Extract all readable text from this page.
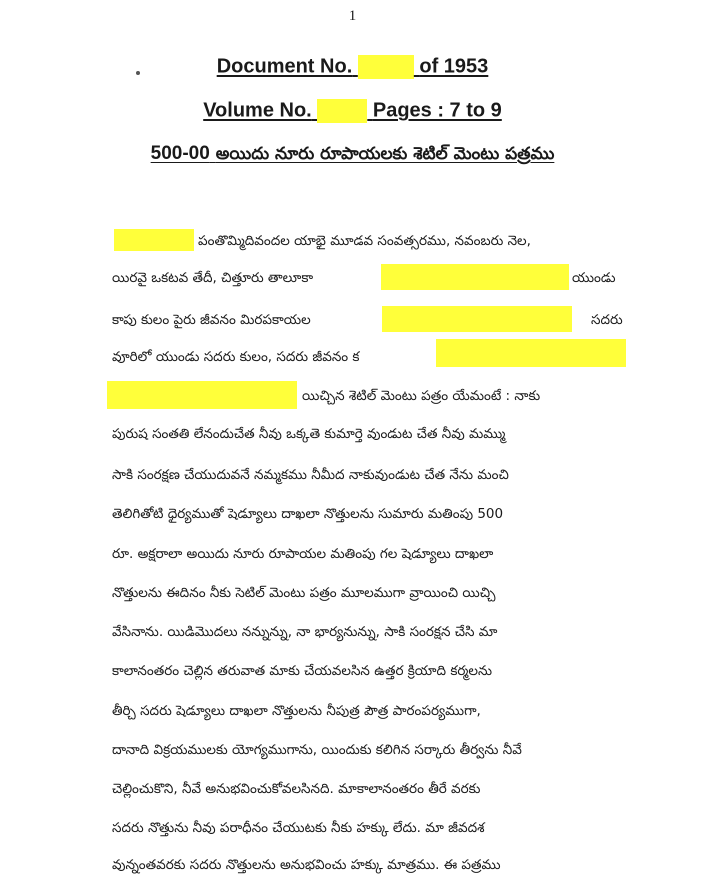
1
Document No.	of 1953
Volume No.	Pages : 7 to 9
500-00 అయిదు నూరు రూపాయలకు శెటిల్ మెంటు పత్రము
పంతొమ్మిదివందల యాభై మూడవ సంవత్సరము, నవంబరు నెల,
యిరవై ఒకటవ తేదీ, చిత్తూరు తాలూకా	యుండు
కాపు కులం పైరు జీవనం మిరపకాయల	సదరు
వూరిలో యుండు సదరు కులం, సదరు జీవనం క
యిచ్చిన శెటిల్ మెంటు పత్రం యేమంటే : నాకు
పురుష సంతతి లేనందుచేత నీవు ఒక్కతె కుమార్తె వుండుట చేత నీవు మమ్ము
సాకి సంరక్షణ చేయుదువనే నమ్మకము నీమీద నాకువుండుట చేత నేను మంచి
తెలిగితోటి ధైర్యముతో షెడ్యూలు దాఖలా నొత్తులను సుమారు మతింపు 500
రూ. అక్షరాలా అయిదు నూరు రూపాయల మతింపు గల షెడ్యూలు దాఖలా
నొత్తులను ఈదినం నీకు సెటిల్ మెంటు పత్రం మూలముగా వ్రాయించి యిచ్చి
వేసినాను. యిడిమొదలు నన్నున్ను, నా భార్యనున్ను, సాకి సంరక్షన చేసి మా
కాలానంతరం చెల్లిన తరువాత మాకు చేయవలసిన ఉత్తర క్రియాది కర్మలను
తీర్చి సదరు షెడ్యూలు దాఖలా నొత్తులను నీపుత్ర పౌత్ర పారంపర్యముగా,
దానాది విక్రయములకు యోగ్యముగాను, యిందుకు కలిగిన సర్కారు తీర్వను నీవే
చెల్లించుకొని, నీవే అనుభవించుకోవలసినది. మాకాలానంతరం తీరే వరకు
సదరు నొత్తును నీవు పరాధీనం చేయుటకు నీకు హక్కు లేదు. మా జీవదశ
వున్నంతవరకు సదరు నొత్తులను అనుభవించు హక్కు మాత్రము. ఈ పత్రము
